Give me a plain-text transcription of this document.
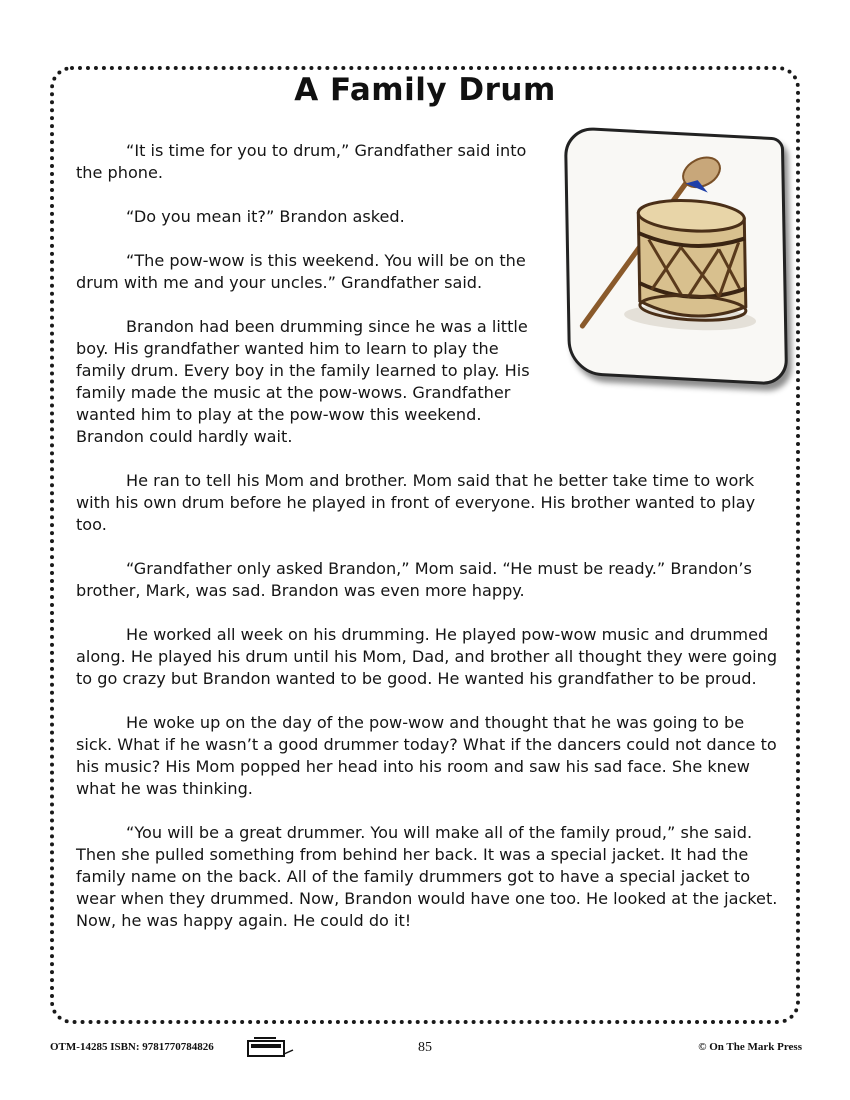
A Family Drum

“It is time for you to drum,” Grandfather said into the phone.

“Do you mean it?” Brandon asked.

“The pow-wow is this weekend. You will be on the drum with me and your uncles.” Grandfather said.

Brandon had been drumming since he was a little boy. His grandfather wanted him to learn to play the family drum. Every boy in the family learned to play. His family made the music at the pow-wows. Grandfather wanted him to play at the pow-wow this weekend. Brandon could hardly wait.

He ran to tell his Mom and brother. Mom said that he better take time to work with his own drum before he played in front of everyone. His brother wanted to play too.

“Grandfather only asked Brandon,” Mom said. “He must be ready.” Brandon’s brother, Mark, was sad. Brandon was even more happy.

He worked all week on his drumming. He played pow-wow music and drummed along. He played his drum until his Mom, Dad, and brother all thought they were going to go crazy but Brandon wanted to be good. He wanted his grandfather to be proud.

He woke up on the day of the pow-wow and thought that he was going to be sick. What if he wasn’t a good drummer today? What if the dancers could not dance to his music? His Mom popped her head into his room and saw his sad face. She knew what he was thinking.

“You will be a great drummer. You will make all of the family proud,” she said. Then she pulled something from behind her back. It was a special jacket. It had the family name on the back. All of the family drummers got to have a special jacket to wear when they drummed. Now, Brandon would have one too. He looked at the jacket. Now, he was happy again. He could do it!

OTM-14285 ISBN: 9781770784826	85	© On The Mark Press
